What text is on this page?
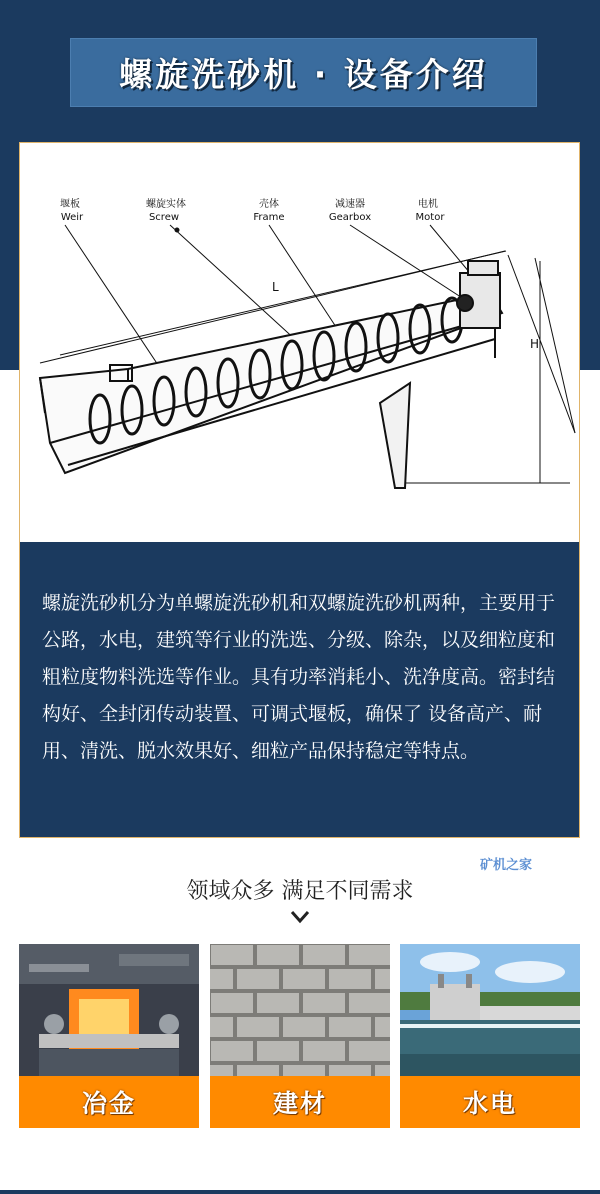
螺旋洗砂机 · 设备介绍
堰板
Weir
螺旋实体
Screw
壳体
Frame
减速器
Gearbox
电机
Motor
L
H

螺旋洗砂机分为单螺旋洗砂机和双螺旋洗砂机两种，主要用于公路，水电，建筑等行业的洗选、分级、除杂，以及细粒度和粗粒度物料洗选等作业。具有功率消耗小、洗净度高。密封结构好、全封闭传动装置、可调式堰板，确保了 设备高产、耐用、清洗、脱水效果好、细粒产品保持稳定等特点。

矿机之家
领域众多 满足不同需求
冶金	建材	水电
